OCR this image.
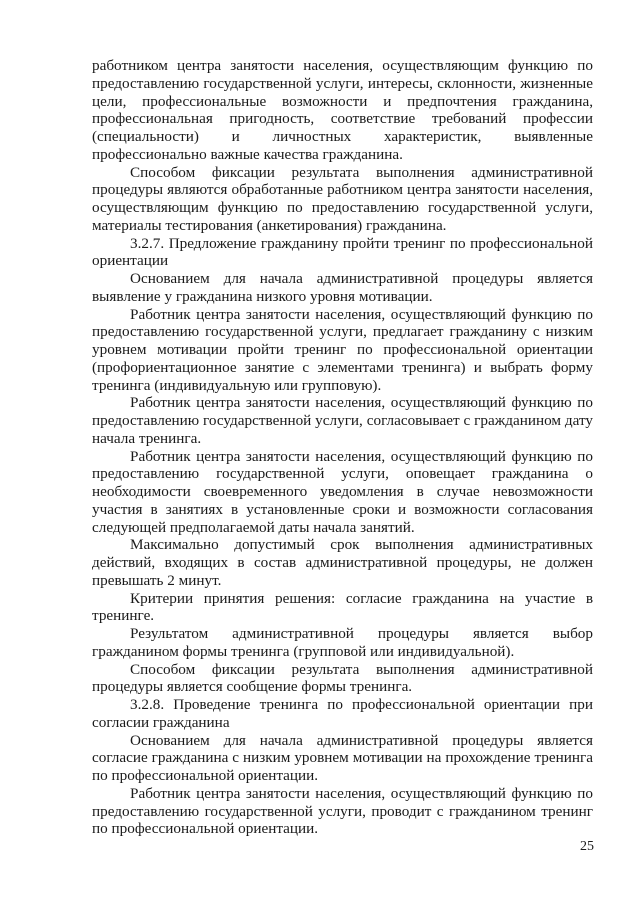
работником центра занятости населения, осуществляющим функцию по предоставлению государственной услуги, интересы, склонности, жизненные цели, профессиональные возможности и предпочтения гражданина, профессиональная пригодность, соответствие требований профессии (специальности) и личностных характеристик, выявленные профессионально важные качества гражданина.

Способом фиксации результата выполнения административной процедуры являются обработанные работником центра занятости населения, осуществляющим функцию по предоставлению государственной услуги, материалы тестирования (анкетирования) гражданина.

3.2.7. Предложение гражданину пройти тренинг по профессиональной ориентации

Основанием для начала административной процедуры является выявление у гражданина низкого уровня мотивации.

Работник центра занятости населения, осуществляющий функцию по предоставлению государственной услуги, предлагает гражданину с низким уровнем мотивации пройти тренинг по профессиональной ориентации (профориентационное занятие с элементами тренинга) и выбрать форму тренинга (индивидуальную или групповую).

Работник центра занятости населения, осуществляющий функцию по предоставлению государственной услуги, согласовывает с гражданином дату начала тренинга.

Работник центра занятости населения, осуществляющий функцию по предоставлению государственной услуги, оповещает гражданина о необходимости своевременного уведомления в случае невозможности участия в занятиях в установленные сроки и возможности согласования следующей предполагаемой даты начала занятий.

Максимально допустимый срок выполнения административных действий, входящих в состав административной процедуры, не должен превышать 2 минут.

Критерии принятия решения: согласие гражданина на участие в тренинге.

Результатом административной процедуры является выбор гражданином формы тренинга (групповой или индивидуальной).

Способом фиксации результата выполнения административной процедуры является сообщение формы тренинга.

3.2.8. Проведение тренинга по профессиональной ориентации при согласии гражданина

Основанием для начала административной процедуры является согласие гражданина с низким уровнем мотивации на прохождение тренинга по профессиональной ориентации.

Работник центра занятости населения, осуществляющий функцию по предоставлению государственной услуги, проводит с гражданином тренинг по профессиональной ориентации.

25
